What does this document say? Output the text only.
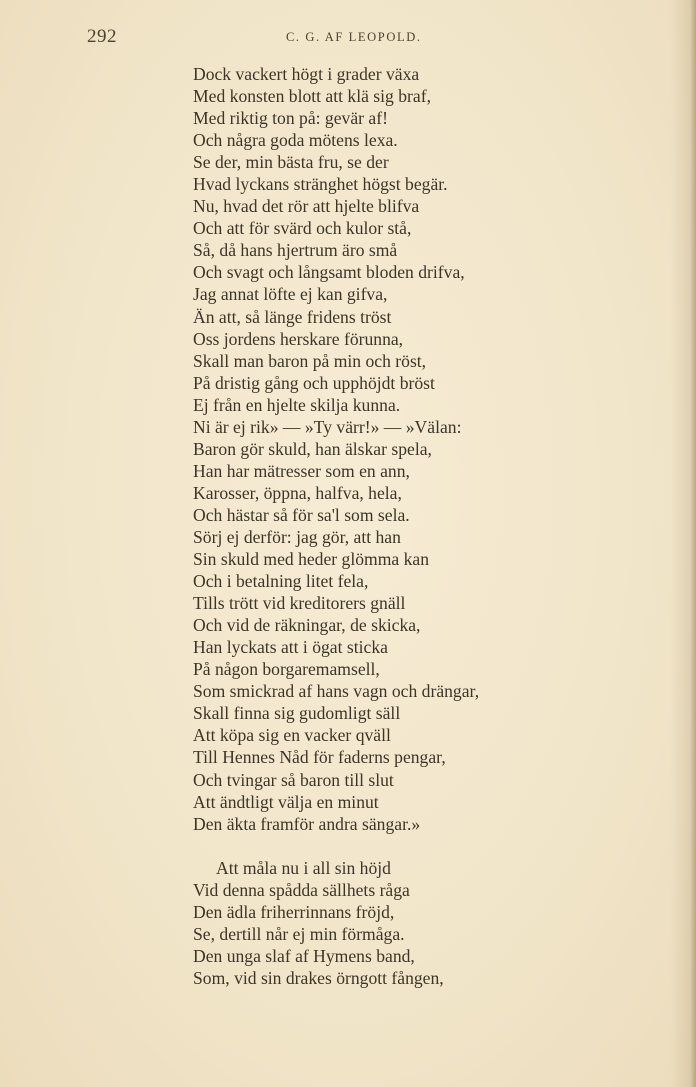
292	C. G. AF LEOPOLD.
Dock vackert högt i grader växa
Med konsten blott att klä sig braf,
Med riktig ton på: gevär af!
Och några goda mötens lexa.
Se der, min bästa fru, se der
Hvad lyckans stränghet högst begär.
Nu, hvad det rör att hjelte blifva
Och att för svärd och kulor stå,
Så, då hans hjertrum äro små
Och svagt och långsamt bloden drifva,
Jag annat löfte ej kan gifva,
Än att, så länge fridens tröst
Oss jordens herskare förunna,
Skall man baron på min och röst,
På dristig gång och upphöjdt bröst
Ej från en hjelte skilja kunna.
Ni är ej rik» — »Ty värr!» — »Välan:
Baron gör skuld, han älskar spela,
Han har mätresser som en ann,
Karosser, öppna, halfva, hela,
Och hästar så för sa'l som sela.
Sörj ej derför: jag gör, att han
Sin skuld med heder glömma kan
Och i betalning litet fela,
Tills trött vid kreditorers gnäll
Och vid de räkningar, de skicka,
Han lyckats att i ögat sticka
På någon borgaremamsell,
Som smickrad af hans vagn och drängar,
Skall finna sig gudomligt säll
Att köpa sig en vacker qväll
Till Hennes Nåd för faderns pengar,
Och tvingar så baron till slut
Att ändtligt välja en minut
Den äkta framför andra sängar.»
Att måla nu i all sin höjd
Vid denna spådda sällhets råga
Den ädla friherrinnans fröjd,
Se, dertill når ej min förmåga.
Den unga slaf af Hymens band,
Som, vid sin drakes örngott fången,
